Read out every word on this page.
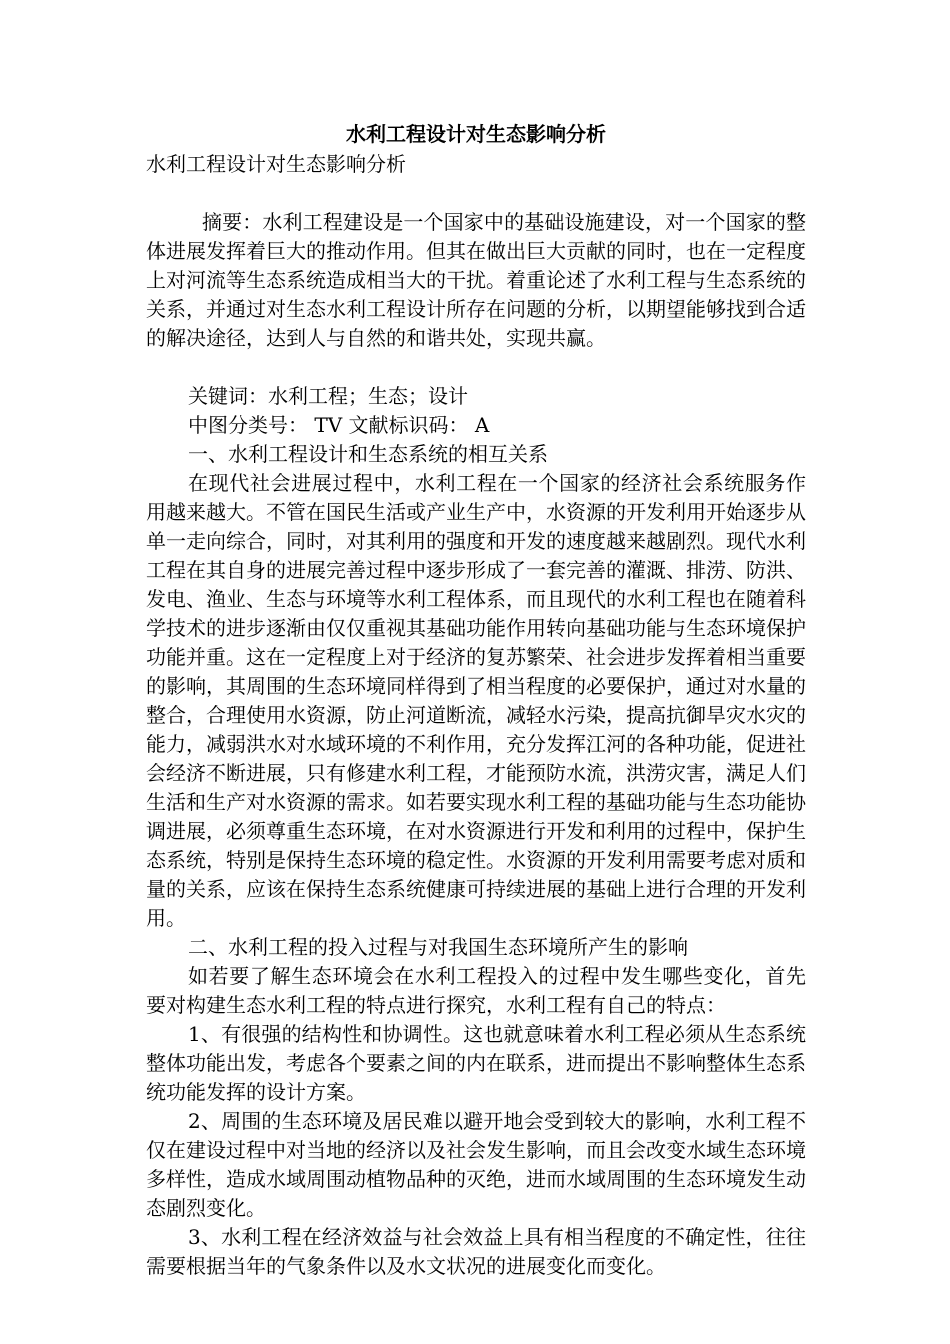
水利工程设计对生态影响分析

水利工程设计对生态影响分析

摘要：水利工程建设是一个国家中的基础设施建设，对一个国家的整体进展发挥着巨大的推动作用。但其在做出巨大贡献的同时，也在一定程度上对河流等生态系统造成相当大的干扰。着重论述了水利工程与生态系统的关系，并通过对生态水利工程设计所存在问题的分析，以期望能够找到合适的解决途径，达到人与自然的和谐共处，实现共赢。

关键词：水利工程；生态；设计

中图分类号： TV 文献标识码： A

一、水利工程设计和生态系统的相互关系

在现代社会进展过程中，水利工程在一个国家的经济社会系统服务作用越来越大。不管在国民生活或产业生产中，水资源的开发利用开始逐步从单一走向综合，同时，对其利用的强度和开发的速度越来越剧烈。现代水利工程在其自身的进展完善过程中逐步形成了一套完善的灌溉、排涝、防洪、发电、渔业、生态与环境等水利工程体系，而且现代的水利工程也在随着科学技术的进步逐渐由仅仅重视其基础功能作用转向基础功能与生态环境保护功能并重。这在一定程度上对于经济的复苏繁荣、社会进步发挥着相当重要的影响，其周围的生态环境同样得到了相当程度的必要保护，通过对水量的整合，合理使用水资源，防止河道断流，减轻水污染，提高抗御旱灾水灾的能力，减弱洪水对水域环境的不利作用，充分发挥江河的各种功能，促进社会经济不断进展，只有修建水利工程，才能预防水流，洪涝灾害，满足人们生活和生产对水资源的需求。如若要实现水利工程的基础功能与生态功能协调进展，必须尊重生态环境，在对水资源进行开发和利用的过程中，保护生态系统，特别是保持生态环境的稳定性。水资源的开发利用需要考虑对质和量的关系，应该在保持生态系统健康可持续进展的基础上进行合理的开发利用。

二、水利工程的投入过程与对我国生态环境所产生的影响

如若要了解生态环境会在水利工程投入的过程中发生哪些变化，首先要对构建生态水利工程的特点进行探究，水利工程有自己的特点：

1、有很强的结构性和协调性。这也就意味着水利工程必须从生态系统整体功能出发，考虑各个要素之间的内在联系，进而提出不影响整体生态系统功能发挥的设计方案。

2、周围的生态环境及居民难以避开地会受到较大的影响，水利工程不仅在建设过程中对当地的经济以及社会发生影响，而且会改变水域生态环境多样性，造成水域周围动植物品种的灭绝，进而水域周围的生态环境发生动态剧烈变化。

3、水利工程在经济效益与社会效益上具有相当程度的不确定性，往往需要根据当年的气象条件以及水文状况的进展变化而变化。
